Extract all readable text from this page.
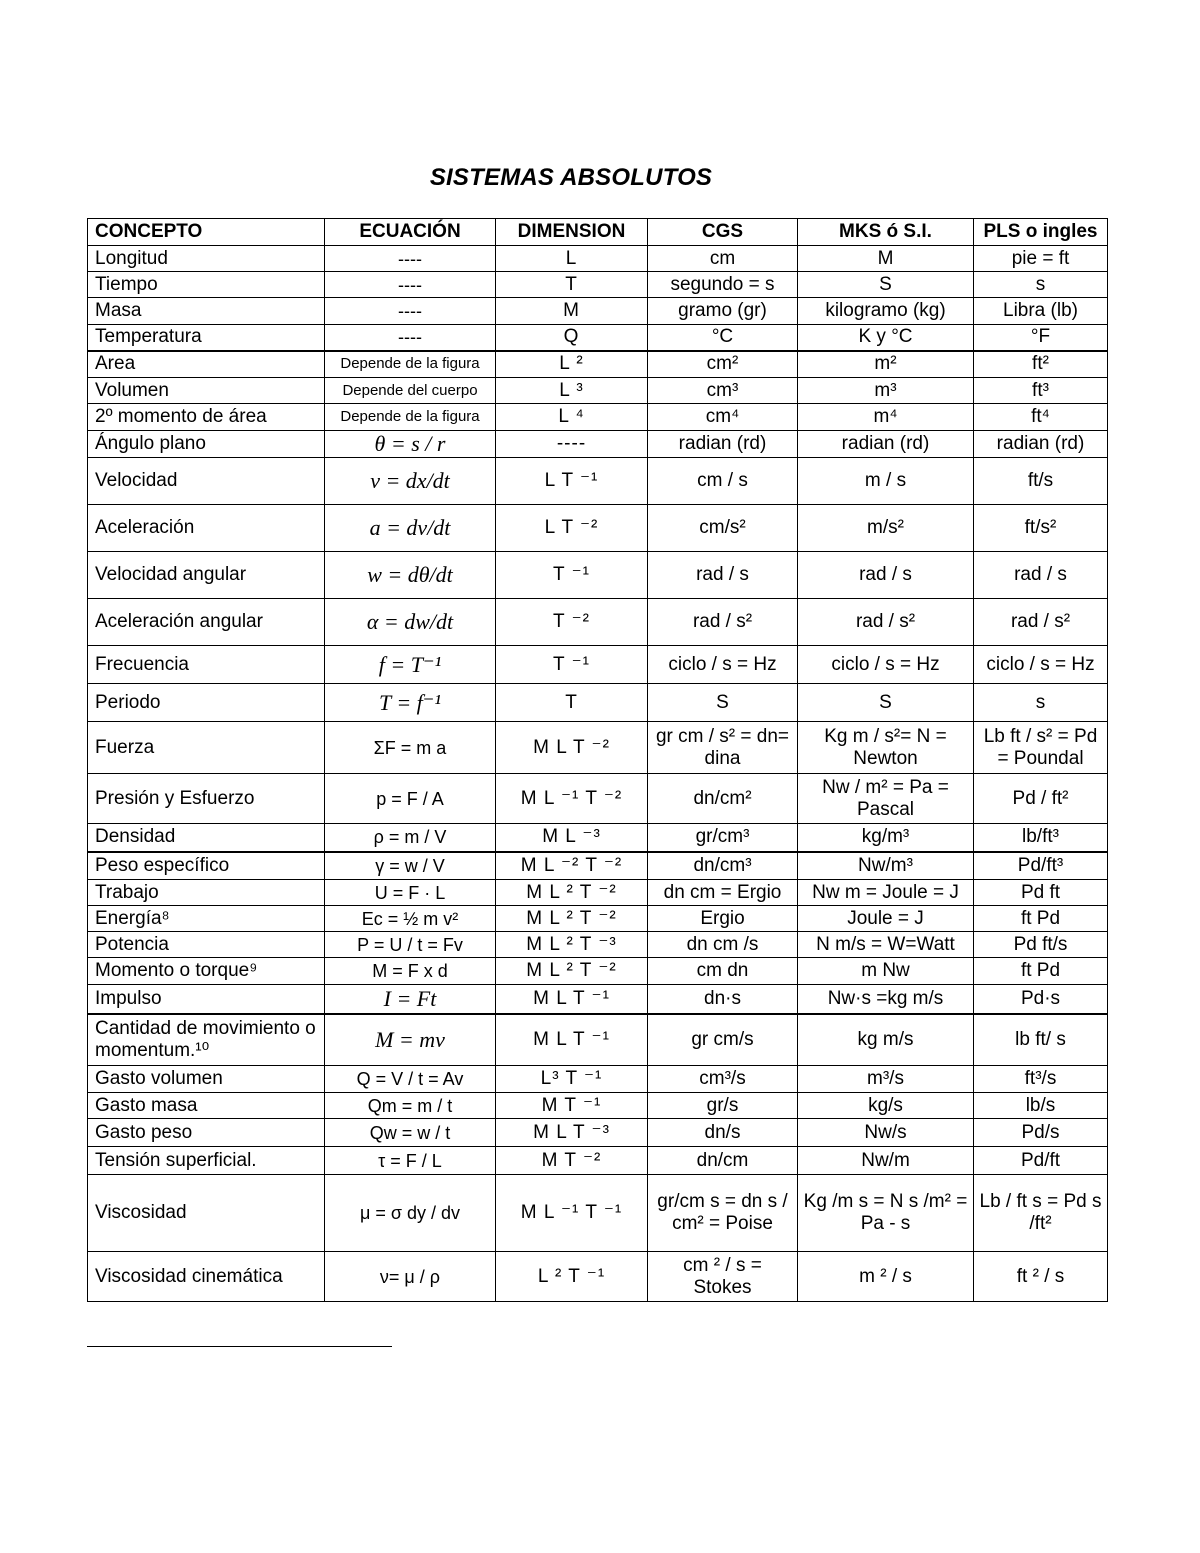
SISTEMAS ABSOLUTOS
CONCEPTO	ECUACIÓN	DIMENSION	CGS	MKS ó S.I.	PLS o ingles
Longitud	----	L	cm	M	pie = ft
Tiempo	----	T	segundo = s	S	s
Masa	----	M	gramo (gr)	kilogramo (kg)	Libra (lb)
Temperatura	----	Q	°C	K y °C	°F
Area	Depende de la figura	L ²	cm²	m²	ft²
Volumen	Depende del cuerpo	L ³	cm³	m³	ft³
2º momento de área	Depende de la figura	L ⁴	cm⁴	m⁴	ft⁴
Ángulo plano	θ = s / r	----	radian (rd)	radian (rd)	radian (rd)
Velocidad	v = dx/dt	L T ⁻¹	cm / s	m / s	ft/s
Aceleración	a = dv/dt	L T ⁻²	cm/s²	m/s²	ft/s²
Velocidad angular	w = dθ/dt	T ⁻¹	rad / s	rad / s	rad / s
Aceleración angular	α = dw/dt	T ⁻²	rad / s²	rad / s²	rad / s²
Frecuencia	f = T⁻¹	T ⁻¹	ciclo / s = Hz	ciclo / s = Hz	ciclo / s = Hz
Periodo	T = f⁻¹	T	S	S	s
Fuerza	ΣF = m a	M L T ⁻²	gr cm / s² = dn= dina	Kg m / s²= N = Newton	Lb ft / s² = Pd = Poundal
Presión y Esfuerzo	p = F / A	M L ⁻¹ T ⁻²	dn/cm²	Nw / m² = Pa = Pascal	Pd / ft²
Densidad	ρ = m / V	M L ⁻³	gr/cm³	kg/m³	lb/ft³
Peso específico	γ = w / V	M L ⁻² T ⁻²	dn/cm³	Nw/m³	Pd/ft³
Trabajo	U = F · L	M L ² T ⁻²	dn cm = Ergio	Nw m = Joule = J	Pd ft
Energía⁸	Ec = ½ m v²	M L ² T ⁻²	Ergio	Joule = J	ft Pd
Potencia	P = U / t = Fv	M L ² T ⁻³	dn cm /s	N m/s = W=Watt	Pd ft/s
Momento o torque⁹	M = F x d	M L ² T ⁻²	cm dn	m Nw	ft Pd
Impulso	I = Ft	M L T ⁻¹	dn·s	Nw·s =kg m/s	Pd·s
Cantidad de movimiento o momentum.¹⁰	M = mv	M L T ⁻¹	gr cm/s	kg m/s	lb ft/ s
Gasto volumen	Q = V / t = Av	L³ T ⁻¹	cm³/s	m³/s	ft³/s
Gasto masa	Qm = m / t	M T ⁻¹	gr/s	kg/s	lb/s
Gasto peso	Qw = w / t	M L T ⁻³	dn/s	Nw/s	Pd/s
Tensión superficial.	τ = F / L	M T ⁻²	dn/cm	Nw/m	Pd/ft
Viscosidad	μ = σ dy / dv	M L ⁻¹ T ⁻¹	gr/cm s = dn s / cm² = Poise	Kg /m s = N s /m² = Pa - s	Lb / ft s = Pd s /ft²
Viscosidad cinemática	ν= μ / ρ	L ² T ⁻¹	cm ² / s = Stokes	m ² / s	ft ² / s
